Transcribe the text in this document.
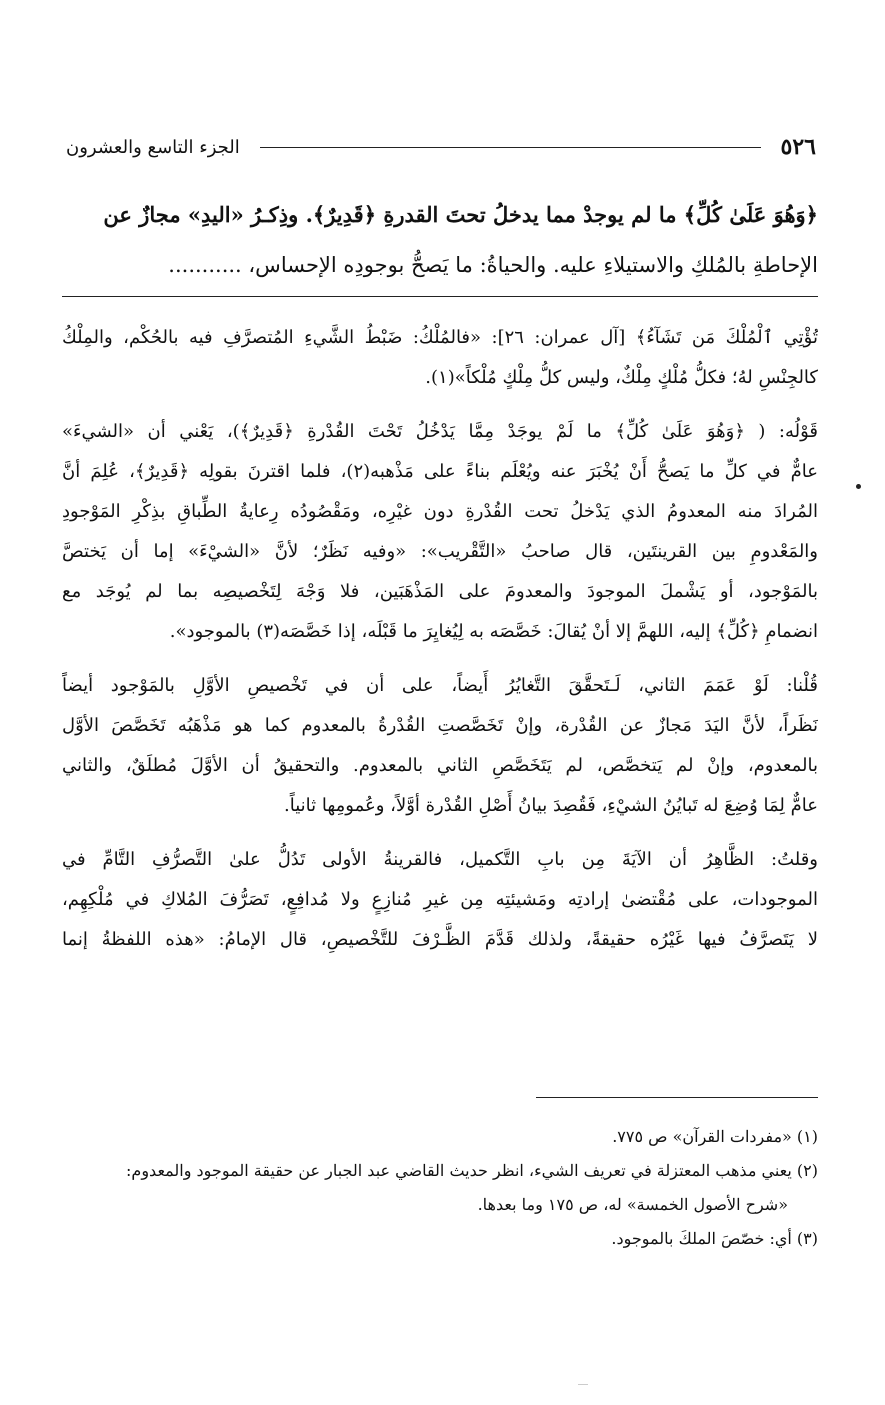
٥٢٦
الجزء التاسع والعشرون
﴿وَهُوَ عَلَىٰ كُلِّ﴾ ما لم يوجدْ مما يدخلُ تحتَ القدرةِ ﴿قَدِيرٌ﴾. وذِكـرُ «اليدِ» مجازٌ عن
الإحاطةِ بالمُلكِ والاستيلاءِ عليه. والحياةُ: ما يَصحُّ بوجودِه الإحساس، ...........
تُؤْتِي ٱلْمُلْكَ مَن تَشَآءُ﴾ [آل عمران: ٢٦]: «فالمُلْكُ: ضَبْطُ الشَّيءِ المُتصرَّفِ فيه بالحُكْم، والمِلْكُ
كالجِنْسِ لهُ؛ فكلُّ مُلْكٍ مِلْكٌ، وليس كلُّ مِلْكٍ مُلْكاً»(١).
قَوْلُه: ( ﴿وَهُوَ عَلَىٰ كُلِّ﴾ ما لَمْ يوجَدْ مِمَّا يَدْخُلُ تَحْتَ القُدْرةِ ﴿قَدِيرٌ﴾)، يَعْني أن «الشيءَ»
عامٌّ في كلِّ ما يَصحُّ أَنْ يُخْبَرَ عنه ويُعْلَم بناءً على مَذْهبه(٢)، فلما اقترنَ بقولِه ﴿قَدِيرٌ﴾، عُلِمَ أنَّ
المُرادَ منه المعدومُ الذي يَدْخلُ تحت القُدْرةِ دون غيْرِه، ومَقْصُودُه رِعايةُ الطِّباقِ بذِكْرِ المَوْجودِ
والمَعْدومِ بين القرينتَين، قال صاحبُ «التَّقْريب»: «وفيه نَظَرٌ؛ لأنَّ «الشيْءَ» إما أن يَختصَّ
بالمَوْجود، أو يَشْملَ الموجودَ والمعدومَ على المَذْهَبَين، فلا وَجْهَ لِتَخْصيصِه بما لم يُوجَد مع
انضمامِ ﴿كُلِّ﴾ إليه، اللهمَّ إلا أنْ يُقالَ: خَصَّصَه به لِيُغايِرَ ما قَبْلَه، إذا خَصَّصَه(٣) بالموجود».
قُلْنا: لَوْ عَمَمَ الثاني، لَـتَحقَّقَ التَّغايُرُ أَيضاً، على أن في تَخْصيصِ الأوَّلِ بالمَوْجود أيضاً
نَظَراً، لأنَّ اليَدَ مَجازٌ عن القُدْرة، وإنْ تَخَصَّصتِ القُدْرةُ بالمعدوم كما هو مَذْهَبُه تَخَصَّصَ الأوَّل
بالمعدوم، وإنْ لم يَتخصَّص، لم يَتَخَصَّصِ الثاني بالمعدوم. والتحقيقُ أن الأوَّلَ مُطلَقٌ، والثاني
عامٌّ لِمَا وُضِعَ له تَبايُنُ الشيْءِ، فَقُصِدَ بيانُ أَصْلِ القُدْرة أوَّلاً، وعُمومِها ثانياً.
وقلتُ: الظَّاهِرُ أن الآيَةَ مِن بابِ التَّكميل، فالقرينةُ الأولى تَدُلُّ علىٰ التَّصرُّفِ التَّامِّ في
الموجودات، على مُقْتضىٰ إرادتِه ومَشيئتِه مِن غيرِ مُنازِعٍ ولا مُدافِعٍ، تَصَرُّفَ المُلاكِ في مُلْكِهِم،
لا يَتَصرَّفُ فيها غَيْرُه حقيقةً، ولذلك قَدَّمَ الظَّـرْفَ للتَّخْصيصِ، قال الإمامُ: «هذه اللفظةُ إنما
(١) «مفردات القرآن» ص ٧٧٥.
(٢) يعني مذهب المعتزلة في تعريف الشيء، انظر حديث القاضي عبد الجبار عن حقيقة الموجود والمعدوم:
«شرح الأصول الخمسة» له، ص ١٧٥ وما بعدها.
(٣) أي: خصّصَ الملكَ بالموجود.
